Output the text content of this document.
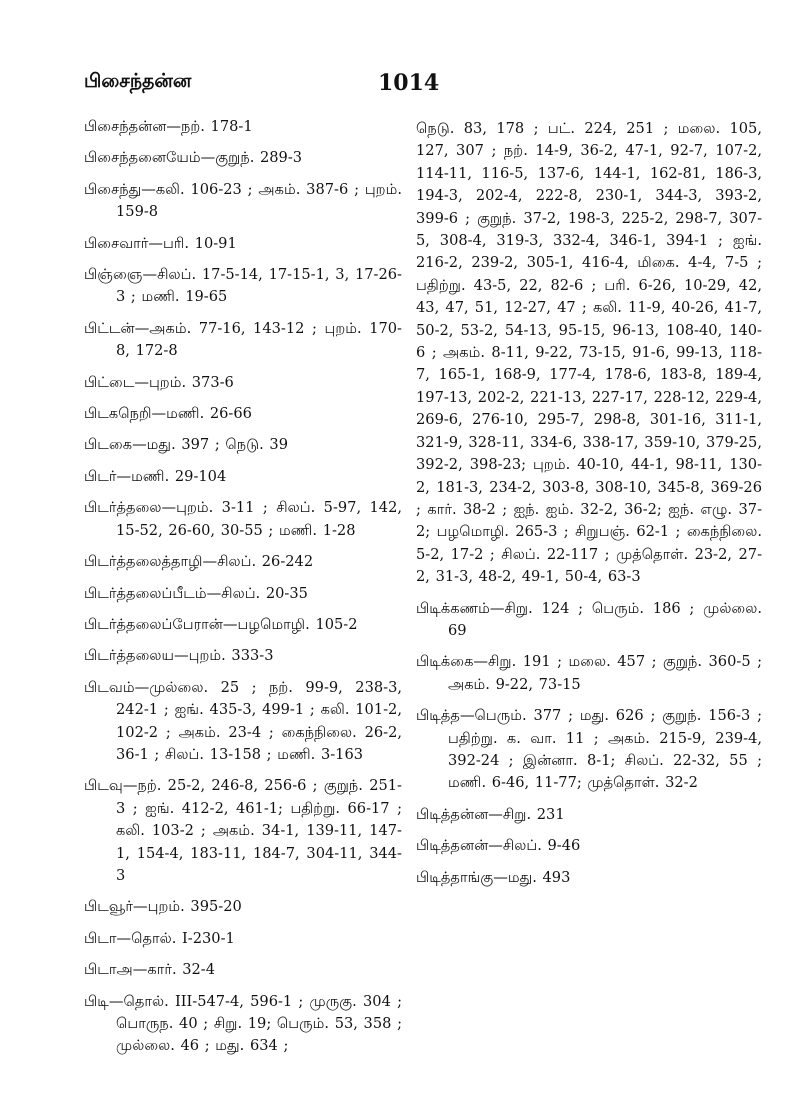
பிசைந்தன்ன	1014
பிசைந்தன்ன—நற். 178-1
பிசைந்தனையேம்—குறுந். 289-3
பிசைந்து—கலி. 106-23 ; அகம். 387-6 ; புறம். 159-8
பிசைவார்—பரி. 10-91
பிஞ்ஞை—சிலப். 17-5-14, 17-15-1, 3, 17-26-3 ; மணி. 19-65
பிட்டன்—அகம். 77-16, 143-12 ; புறம். 170-8, 172-8
பிட்டை—புறம். 373-6
பிடகநெறி—மணி. 26-66
பிடகை—மது. 397 ; நெடு. 39
பிடர்—மணி. 29-104
பிடர்த்தலை—புறம். 3-11 ; சிலப். 5-97, 142, 15-52, 26-60, 30-55 ; மணி. 1-28
பிடர்த்தலைத்தாழி—சிலப். 26-242
பிடர்த்தலைப்பீடம்—சிலப். 20-35
பிடர்த்தலைப்பேரான்—பழமொழி. 105-2
பிடர்த்தலைய—புறம். 333-3
பிடவம்—முல்லை. 25 ; நற். 99-9, 238-3, 242-1 ; ஐங். 435-3, 499-1 ; கலி. 101-2, 102-2 ; அகம். 23-4 ; கைந்நிலை. 26-2, 36-1 ; சிலப். 13-158 ; மணி. 3-163
பிடவு—நற். 25-2, 246-8, 256-6 ; குறுந். 251-3 ; ஐங். 412-2, 461-1; பதிற்று. 66-17 ; கலி. 103-2 ; அகம். 34-1, 139-11, 147-1, 154-4, 183-11, 184-7, 304-11, 344-3
பிடவூர்—புறம். 395-20
பிடா—தொல். I-230-1
பிடாஅ—கார். 32-4
பிடி—தொல். III-547-4, 596-1 ; முருகு. 304 ; பொருந. 40 ; சிறு. 19; பெரும். 53, 358 ; முல்லை. 46 ; மது. 634 ;
நெடு. 83, 178 ; பட். 224, 251 ; மலை. 105, 127, 307 ; நற். 14-9, 36-2, 47-1, 92-7, 107-2, 114-11, 116-5, 137-6, 144-1, 162-81, 186-3, 194-3, 202-4, 222-8, 230-1, 344-3, 393-2, 399-6 ; குறுந். 37-2, 198-3, 225-2, 298-7, 307-5, 308-4, 319-3, 332-4, 346-1, 394-1 ; ஐங். 216-2, 239-2, 305-1, 416-4, மிகை. 4-4, 7-5 ; பதிற்று. 43-5, 22, 82-6 ; பரி. 6-26, 10-29, 42, 43, 47, 51, 12-27, 47 ; கலி. 11-9, 40-26, 41-7, 50-2, 53-2, 54-13, 95-15, 96-13, 108-40, 140-6 ; அகம். 8-11, 9-22, 73-15, 91-6, 99-13, 118-7, 165-1, 168-9, 177-4, 178-6, 183-8, 189-4, 197-13, 202-2, 221-13, 227-17, 228-12, 229-4, 269-6, 276-10, 295-7, 298-8, 301-16, 311-1, 321-9, 328-11, 334-6, 338-17, 359-10, 379-25, 392-2, 398-23; புறம். 40-10, 44-1, 98-11, 130-2, 181-3, 234-2, 303-8, 308-10, 345-8, 369-26 ; கார். 38-2 ; ஐந். ஐம். 32-2, 36-2; ஐந். எழு. 37-2; பழமொழி. 265-3 ; சிறுபஞ். 62-1 ; கைந்நிலை. 5-2, 17-2 ; சிலப். 22-117 ; முத்தொள். 23-2, 27-2, 31-3, 48-2, 49-1, 50-4, 63-3
பிடிக்கணம்—சிறு. 124 ; பெரும். 186 ; முல்லை. 69
பிடிக்கை—சிறு. 191 ; மலை. 457 ; குறுந். 360-5 ; அகம். 9-22, 73-15
பிடித்த—பெரும். 377 ; மது. 626 ; குறுந். 156-3 ; பதிற்று. க. வா. 11 ; அகம். 215-9, 239-4, 392-24 ; இன்னா. 8-1; சிலப். 22-32, 55 ; மணி. 6-46, 11-77; முத்தொள். 32-2
பிடித்தன்ன—சிறு. 231
பிடித்தனன்—சிலப். 9-46
பிடித்தாங்கு—மது. 493
